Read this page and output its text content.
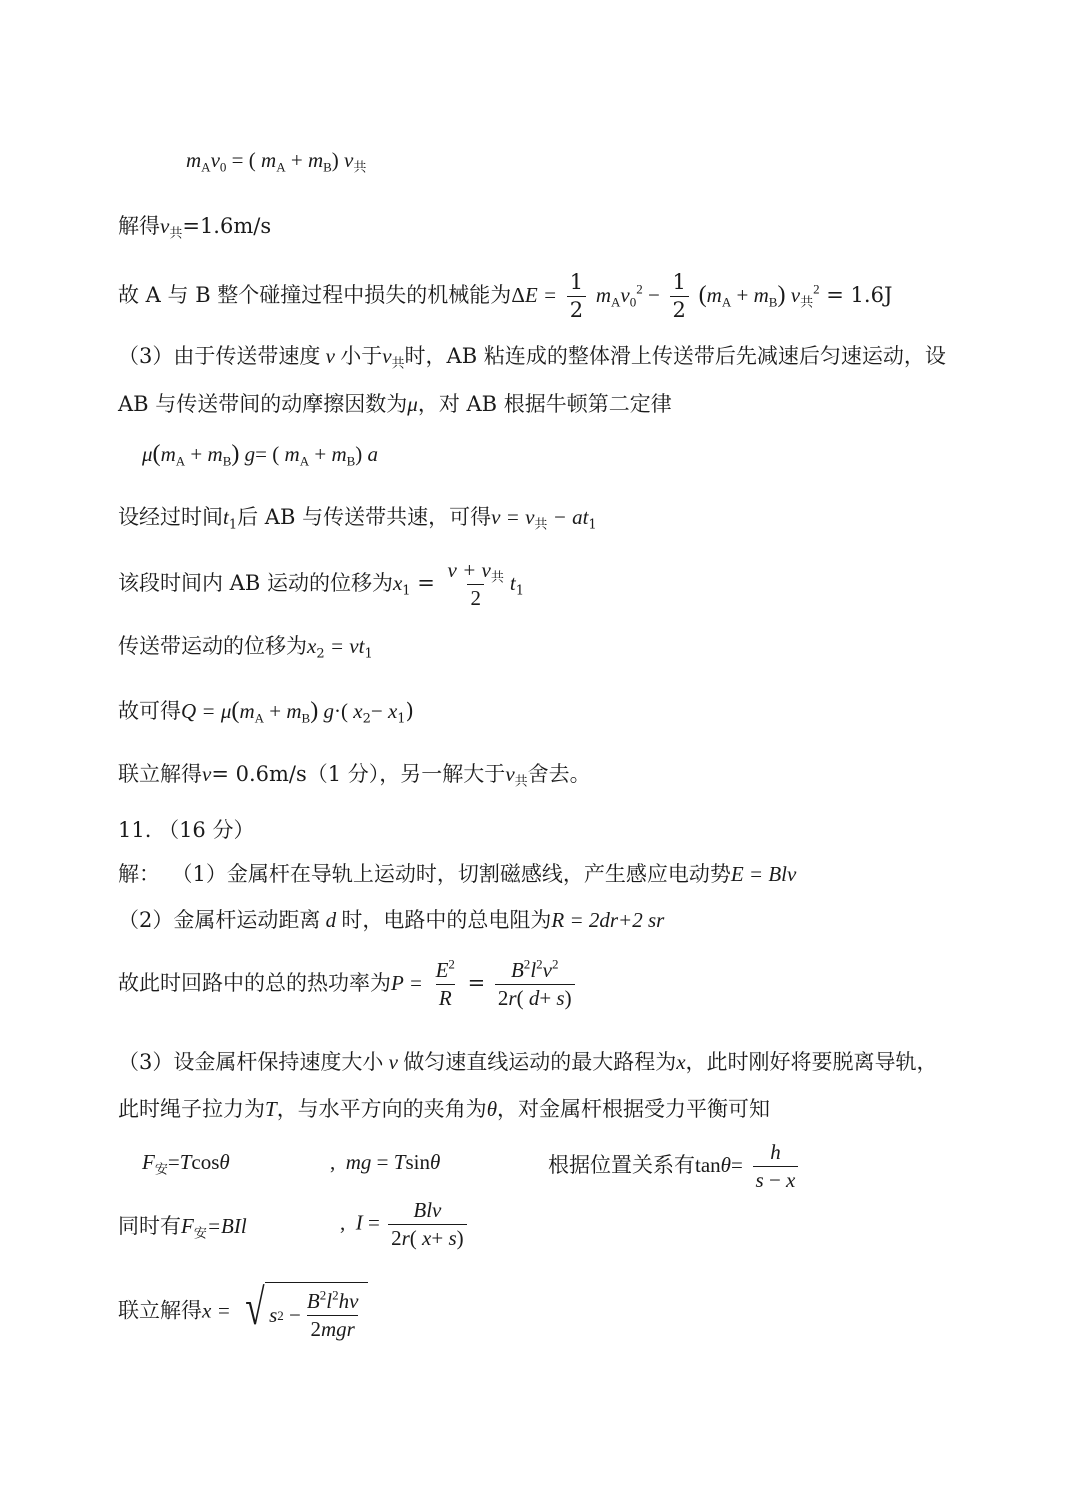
$m_Av_0$ = ( $m_A + m_B$) $v_共$
解得$v_共=1.6m/s$
故 A 与 B 整个碰撞过程中损失的机械能为$\Delta E = \frac{1}{2} m_Av_0^2 - \frac{1}{2} (m_A + m_B) v_共^2 = 1.6J$
（3）由于传送带速度 v 小于$v_共$时，AB 粘连成的整体滑上传送带后先减速后匀速运动，设
AB 与传送带间的动摩擦因数为μ，对 AB 根据牛顿第二定律
$\mu(m_A + m_B)$ g= ( $m_A + m_B$) a
设经过时间$t_1$后 AB 与传送带共速，可得$v = v_共 - at_1$
该段时间内 AB 运动的位移为$x_1 = \frac{v + v_共}{2} t_1$
传送带运动的位移为$x_2 = vt_1$
故可得$Q = \mu(m_A + m_B)$ g·( $x_2- x_1$)
联立解得v= 0.6m/s（1 分），另一解大于$v_共$舍去。
11. （16 分）
解： （1）金属杆在导轨上运动时，切割磁感线，产生感应电动势E = Blv
（2）金属杆运动距离 d 时，电路中的总电阻为R = 2dr+2 sr
故此时回路中的总的热功率为$P = \frac{E^2}{R} = \frac{B^2l^2v^2}{2r( d+ s)}$
（3）设金属杆保持速度大小 v 做匀速直线运动的最大路程为x，此时刚好将要脱离导轨，
此时绳子拉力为T，与水平方向的夹角为θ，对金属杆根据受力平衡可知
$F_安=Tcos\theta$	,  mg = Tsinθ	根据位置关系有$\tan\theta= \frac{h}{s - x}$
同时有$F_安=BIl$	,  $I = \frac{\text{Blv}}{2r( x+ s)}$
联立解得x = √ s $2 - \frac{B^2l^2hv}{\text{2mgr}}$
